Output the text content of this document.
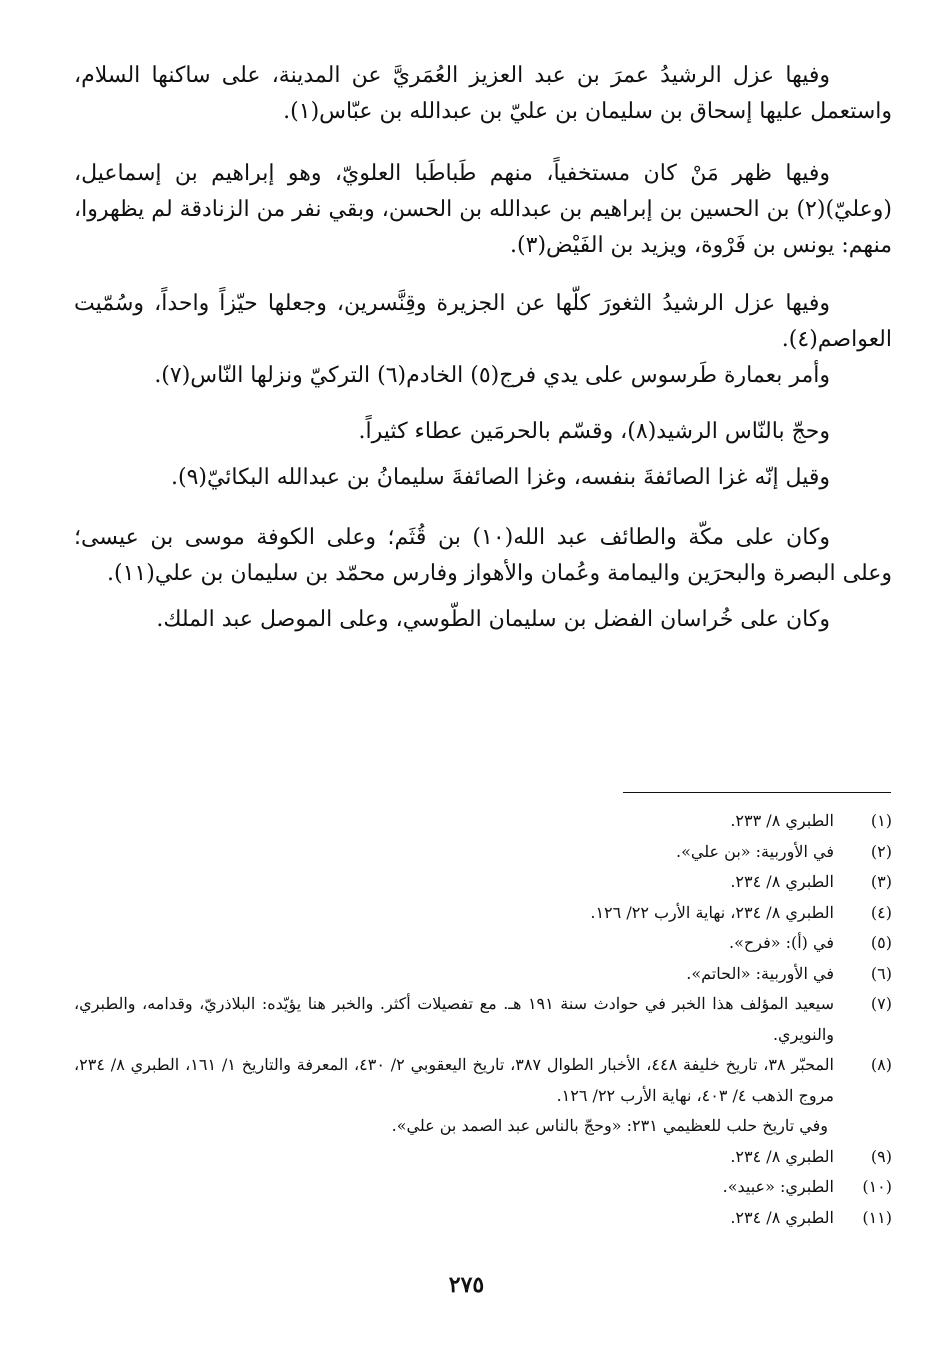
وفيها عزل الرشيدُ عمرَ بن عبد العزيز العُمَريَّ عن المدينة، على ساكنها السلام، واستعمل عليها إسحاق بن سليمان بن عليّ بن عبدالله بن عبّاس(١).

وفيها ظهر مَنْ كان مستخفياً، منهم طَباطَبا العلويّ، وهو إبراهيم بن إسماعيل، (وعليّ)(٢) بن الحسين بن إبراهيم بن عبدالله بن الحسن، وبقي نفر من الزنادقة لم يظهروا، منهم: يونس بن فَرْوة، ويزيد بن الفَيْض(٣).

وفيها عزل الرشيدُ الثغورَ كلّها عن الجزيرة وقِنَّسرين، وجعلها حيّزاً واحداً، وسُمّيت العواصم(٤).

وأمر بعمارة طَرسوس على يدي فرج(٥) الخادم(٦) التركيّ ونزلها النّاس(٧).

وحجّ بالنّاس الرشيد(٨)، وقسّم بالحرمَين عطاء كثيراً.

وقيل إنّه غزا الصائفةَ بنفسه، وغزا الصائفةَ سليمانُ بن عبدالله البكائيّ(٩).

وكان على مكّة والطائف عبد الله(١٠) بن قُثَم؛ وعلى الكوفة موسى بن عيسى؛ وعلى البصرة والبحرَين واليمامة وعُمان والأهواز وفارس محمّد بن سليمان بن علي(١١).

وكان على خُراسان الفضل بن سليمان الطّوسي، وعلى الموصل عبد الملك.

(١)
الطبري ٨/ ٢٣٣.
(٢)
في الأوربية: «بن علي».
(٣)
الطبري ٨/ ٢٣٤.
(٤)
الطبري ٨/ ٢٣٤، نهاية الأرب ٢٢/ ١٢٦.
(٥)
في (أ): «فرح».
(٦)
في الأوربية: «الحاتم».
(٧)
سيعيد المؤلف هذا الخبر في حوادث سنة ١٩١ هـ. مع تفصيلات أكثر. والخبر هنا يؤيّده: البلاذريّ، وقدامه، والطبري، والنويري.
(٨)
المحبّر ٣٨، تاريخ خليفة ٤٤٨، الأخبار الطوال ٣٨٧، تاريخ اليعقوبي ٢/ ٤٣٠، المعرفة والتاريخ ١/ ١٦١، الطبري ٨/ ٢٣٤، مروج الذهب ٤/ ٤٠٣، نهاية الأرب ٢٢/ ١٢٦.
وفي تاريخ حلب للعظيمي ٢٣١: «وحجّ بالناس عبد الصمد بن علي».
(٩)
الطبري ٨/ ٢٣٤.
(١٠)
الطبري: «عبيد».
(١١)
الطبري ٨/ ٢٣٤.
٢٧٥
